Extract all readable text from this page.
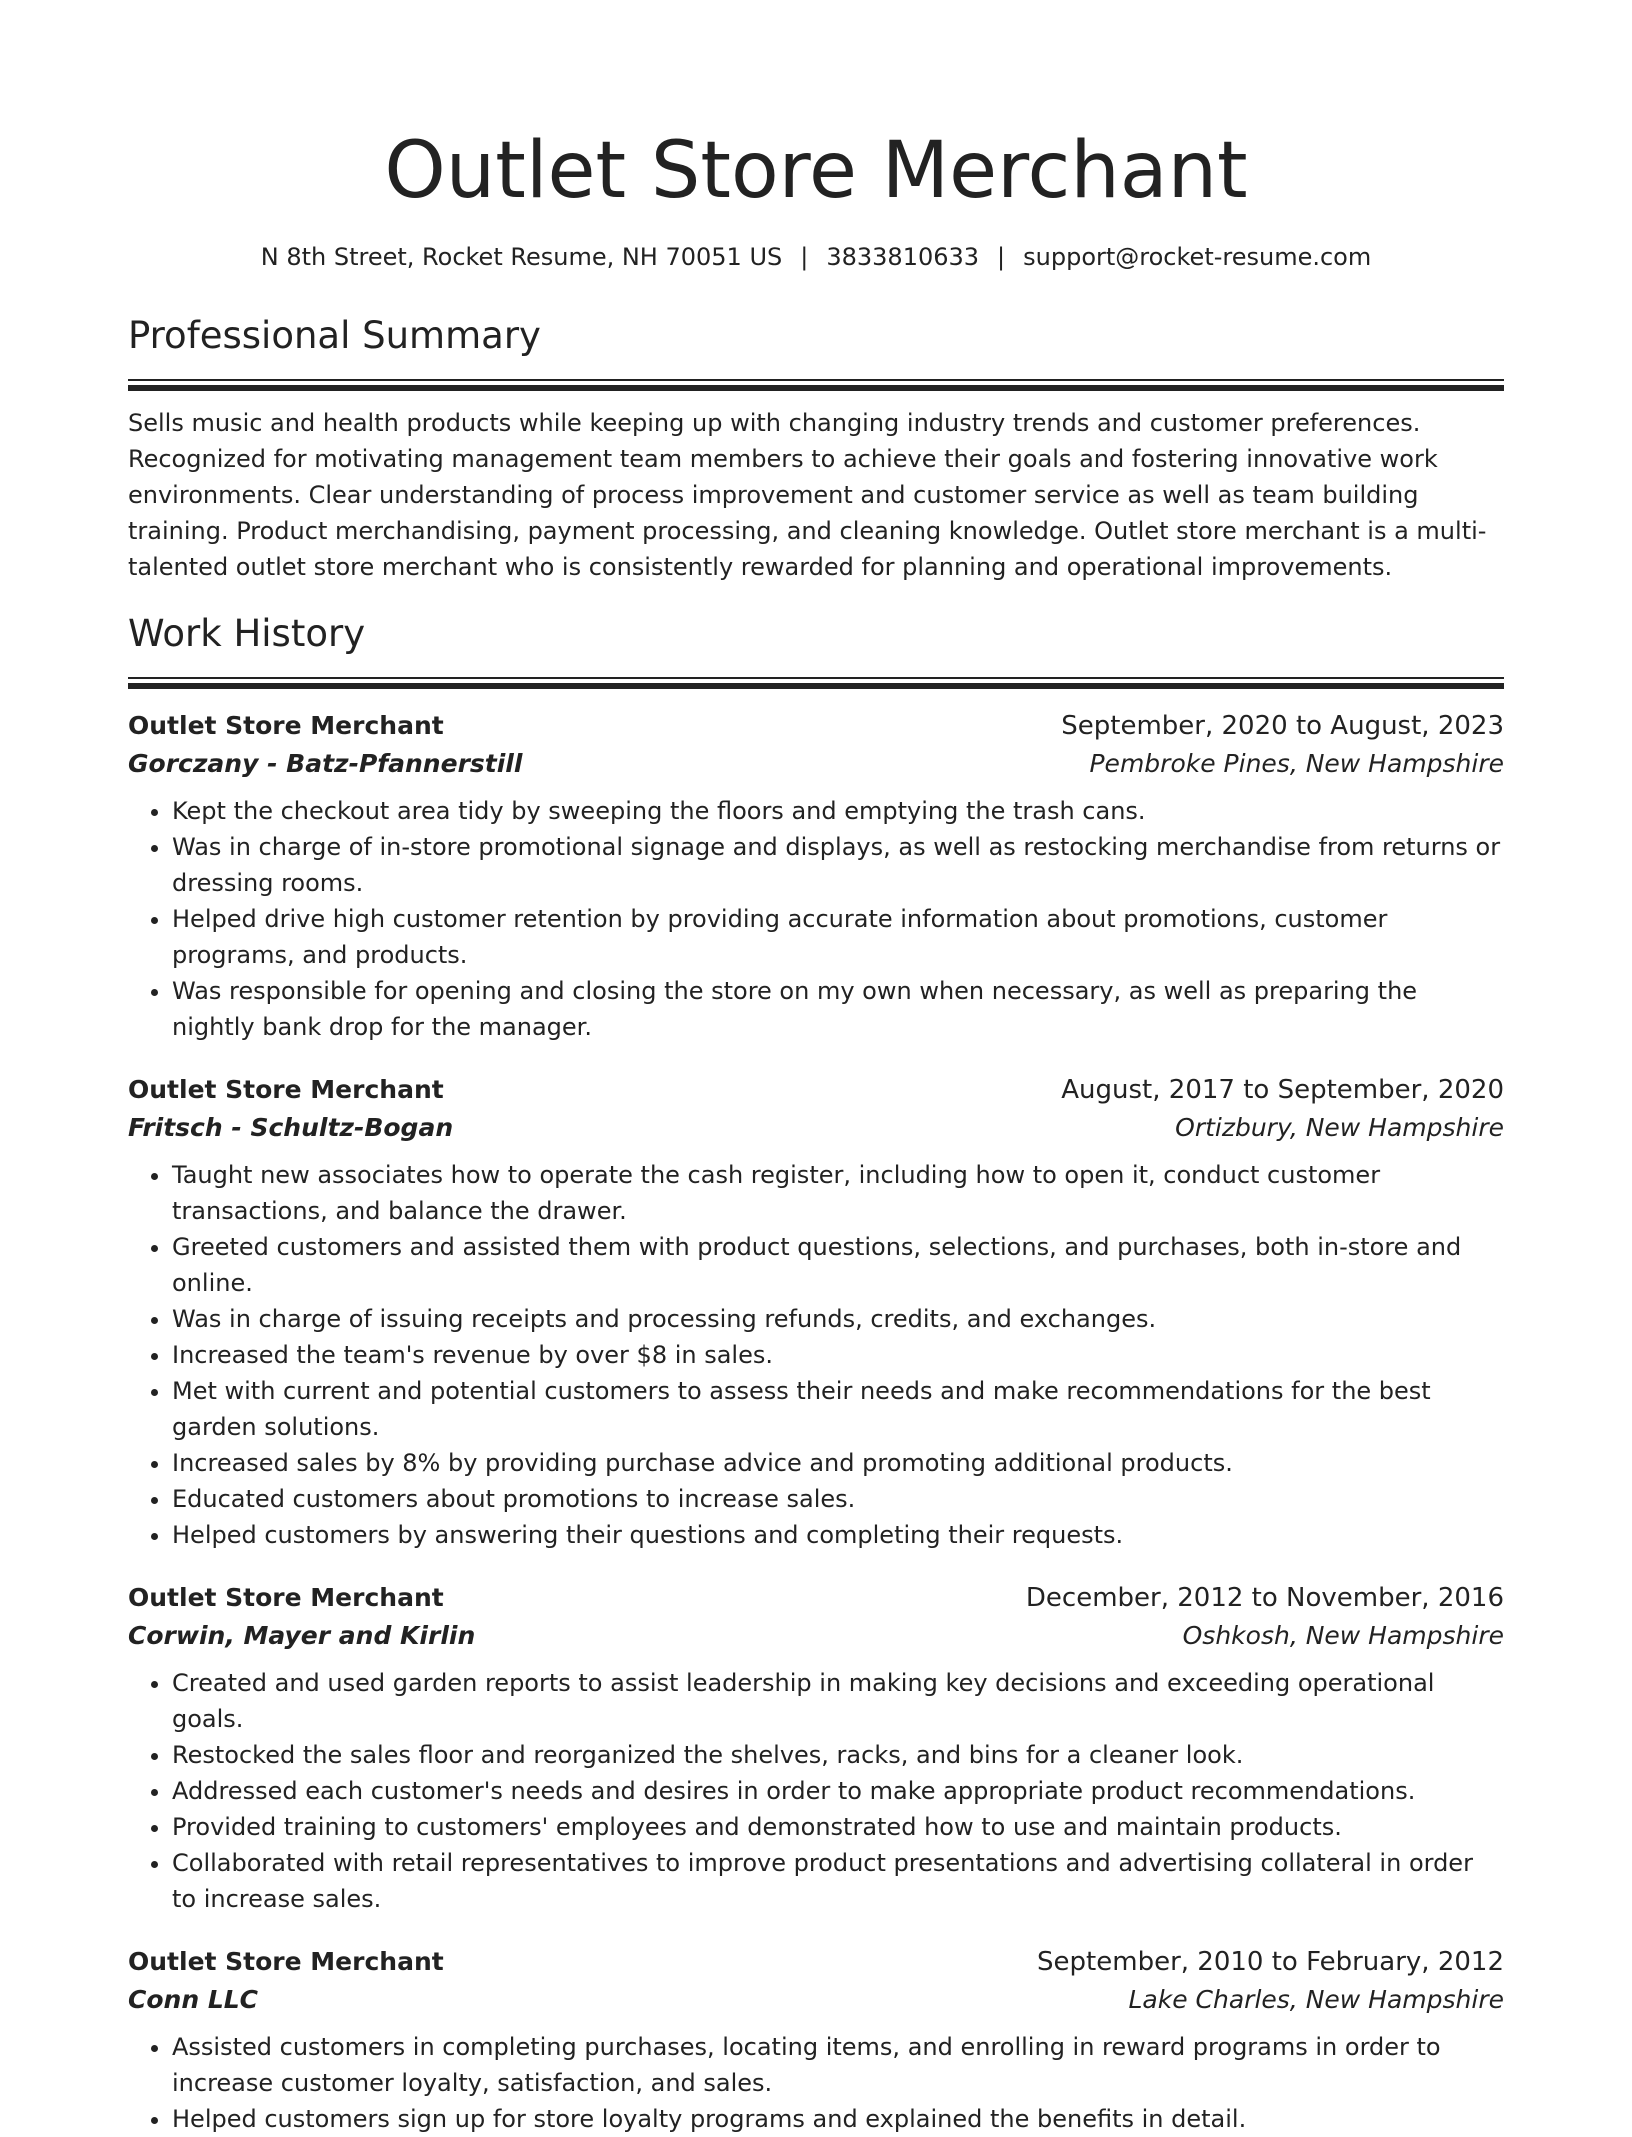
Outlet Store Merchant
N 8th Street, Rocket Resume, NH 70051 US | 3833810633 | support@rocket-resume.com
Professional Summary

Sells music and health products while keeping up with changing industry trends and customer preferences. Recognized for motivating management team members to achieve their goals and fostering innovative work environments. Clear understanding of process improvement and customer service as well as team building training. Product merchandising, payment processing, and cleaning knowledge. Outlet store merchant is a multi-talented outlet store merchant who is consistently rewarded for planning and operational improvements.

Work History
Outlet Store Merchant	September, 2020 to August, 2023
Gorczany - Batz-Pfannerstill	Pembroke Pines, New Hampshire
• Kept the checkout area tidy by sweeping the floors and emptying the trash cans.
• Was in charge of in-store promotional signage and displays, as well as restocking merchandise from returns or dressing rooms.
• Helped drive high customer retention by providing accurate information about promotions, customer programs, and products.
• Was responsible for opening and closing the store on my own when necessary, as well as preparing the nightly bank drop for the manager.
Outlet Store Merchant	August, 2017 to September, 2020
Fritsch - Schultz-Bogan	Ortizbury, New Hampshire
• Taught new associates how to operate the cash register, including how to open it, conduct customer transactions, and balance the drawer.
• Greeted customers and assisted them with product questions, selections, and purchases, both in-store and online.
• Was in charge of issuing receipts and processing refunds, credits, and exchanges.
• Increased the team's revenue by over $8 in sales.
• Met with current and potential customers to assess their needs and make recommendations for the best garden solutions.
• Increased sales by 8% by providing purchase advice and promoting additional products.
• Educated customers about promotions to increase sales.
• Helped customers by answering their questions and completing their requests.
Outlet Store Merchant	December, 2012 to November, 2016
Corwin, Mayer and Kirlin	Oshkosh, New Hampshire
• Created and used garden reports to assist leadership in making key decisions and exceeding operational goals.
• Restocked the sales floor and reorganized the shelves, racks, and bins for a cleaner look.
• Addressed each customer's needs and desires in order to make appropriate product recommendations.
• Provided training to customers' employees and demonstrated how to use and maintain products.
• Collaborated with retail representatives to improve product presentations and advertising collateral in order to increase sales.
Outlet Store Merchant	September, 2010 to February, 2012
Conn LLC	Lake Charles, New Hampshire
• Assisted customers in completing purchases, locating items, and enrolling in reward programs in order to increase customer loyalty, satisfaction, and sales.
• Helped customers sign up for store loyalty programs and explained the benefits in detail.
